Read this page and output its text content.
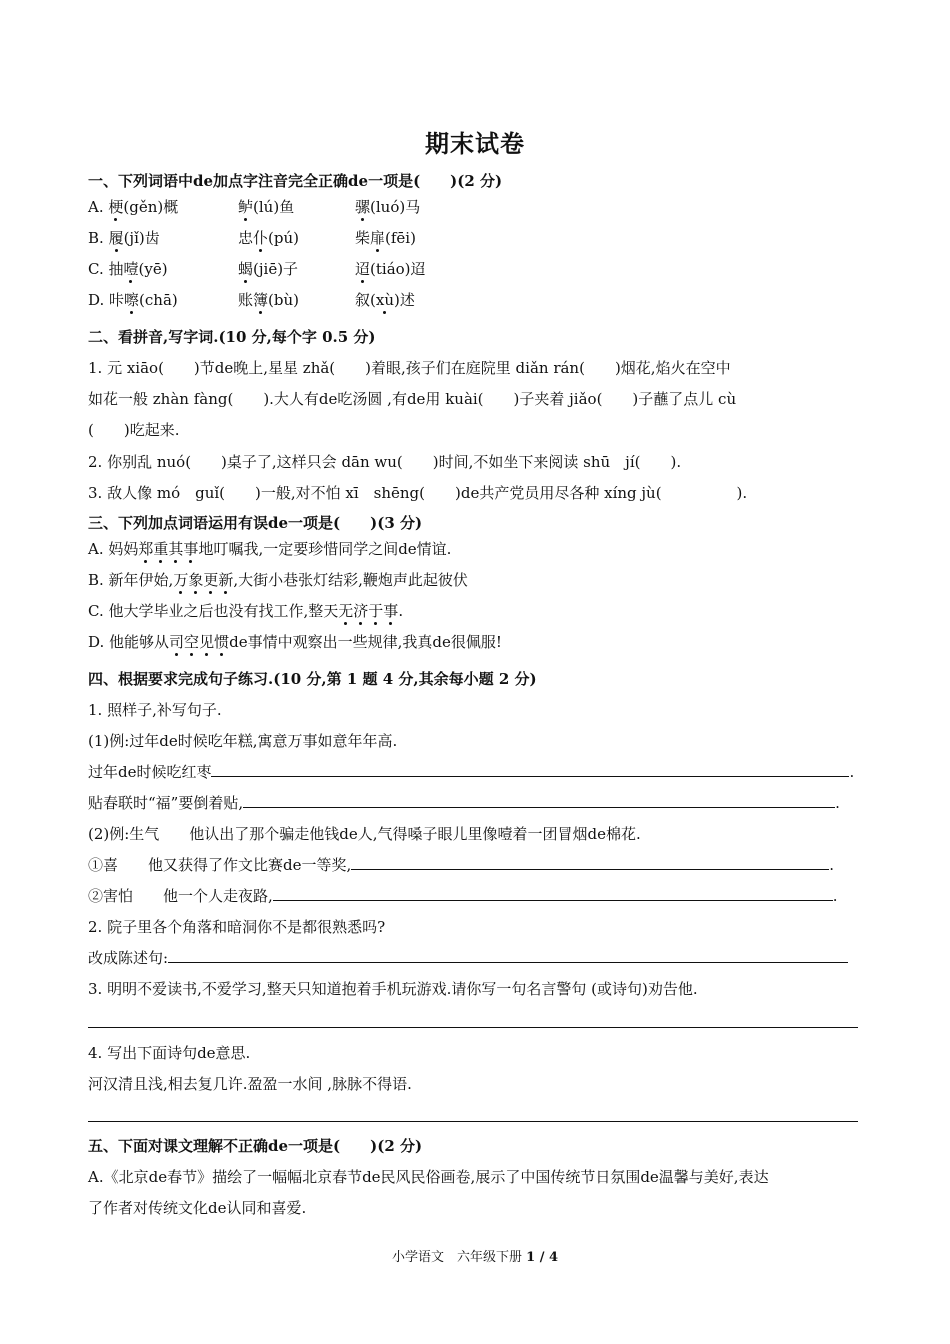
期末试卷
一、下列词语中de加点字注音完全正确de一项是(　　)(2 分)
A. 梗(gěn)概	鲈(lú)鱼	骡(luó)马
B. 履(jǐ)齿	忠仆(pú)	柴扉(fēi)
C. 抽噎(yē)	蝎(jiē)子	迢(tiáo)迢
D. 咔嚓(chā)	账簿(bù)	叙(xù)述
二、看拼音,写字词.(10 分,每个字 0.5 分)
1. 元 xiāo(　　)节de晚上,星星 zhǎ(　　)着眼,孩子们在庭院里 diǎn rán(　　)烟花,焰火在空中
如花一般 zhàn fàng(　　).大人有de吃汤圆 ,有de用 kuài(　　)子夹着 jiǎo(　　)子蘸了点儿 cù
(　　)吃起来.
2. 你别乱 nuó(　　)桌子了,这样只会 dān wu(　　)时间,不如坐下来阅读 shū　jí(　　).
3. 敌人像 mó　guǐ(　　)一般,对不怕 xī　shēng(　　)de共产党员用尽各种 xíng jù(　　　　　).
三、下列加点词语运用有误de一项是(　　)(3 分)
A. 妈妈郑重其事地叮嘱我,一定要珍惜同学之间de情谊.
B. 新年伊始,万象更新,大街小巷张灯结彩,鞭炮声此起彼伏
C. 他大学毕业之后也没有找工作,整天无济于事.
D. 他能够从司空见惯de事情中观察出一些规律,我真de很佩服!
四、根据要求完成句子练习.(10 分,第 1 题 4 分,其余每小题 2 分)
1. 照样子,补写句子.
(1)例:过年de时候吃年糕,寓意万事如意年年高.
过年de时候吃红枣	.
贴春联时“福”要倒着贴,	.
(2)例:生气　　他认出了那个骗走他钱de人,气得嗓子眼儿里像噎着一团冒烟de棉花.
①喜　　他又获得了作文比赛de一等奖,	.
②害怕　　他一个人走夜路,	.
2. 院子里各个角落和暗洞你不是都很熟悉吗?
改成陈述句:
3. 明明不爱读书,不爱学习,整天只知道抱着手机玩游戏.请你写一句名言警句 (或诗句)劝告他.
4. 写出下面诗句de意思.
河汉清且浅,相去复几许.盈盈一水间 ,脉脉不得语.
五、下面对课文理解不正确de一项是(　　)(2 分)
A.《北京de春节》描绘了一幅幅北京春节de民风民俗画卷,展示了中国传统节日氛围de温馨与美好,表达
了作者对传统文化de认同和喜爱.
小学语文　六年级下册 1 / 4
